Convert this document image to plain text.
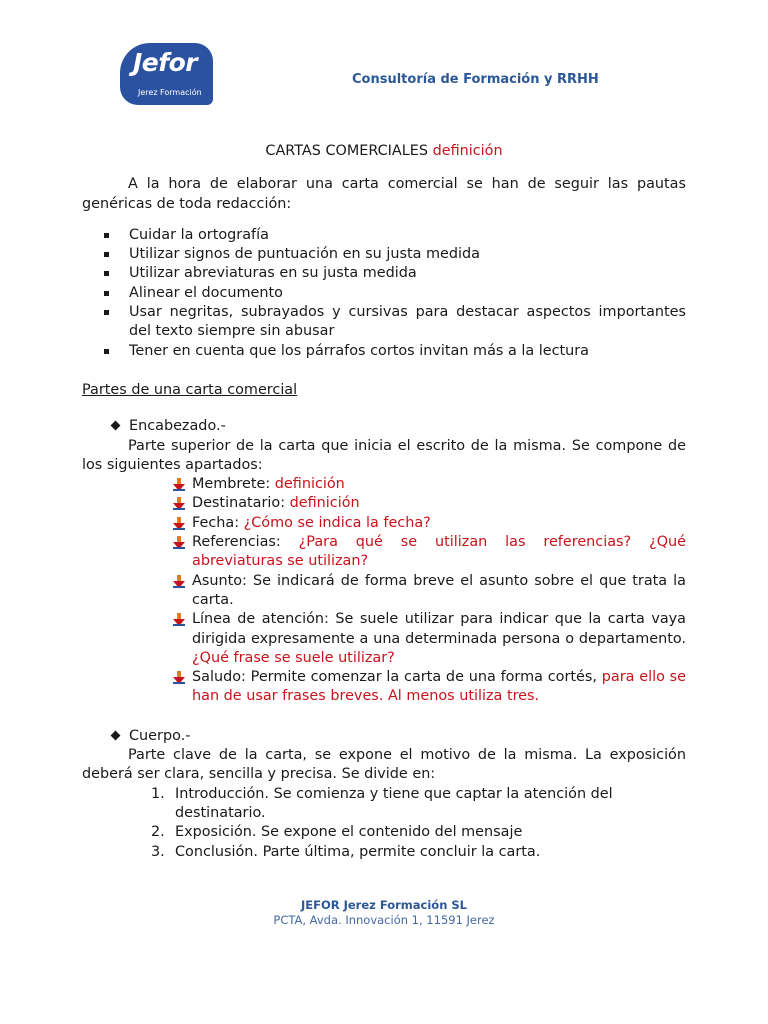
Jefor
Jerez Formación
Consultoría de Formación y RRHH
CARTAS COMERCIALES definición

A la hora de elaborar una carta comercial se han de seguir las pautas genéricas de toda redacción:

Cuidar la ortografía
Utilizar signos de puntuación en su justa medida
Utilizar abreviaturas en su justa medida
Alinear el documento
Usar negritas, subrayados y cursivas para destacar aspectos importantes del texto siempre sin abusar
Tener en cuenta que los párrafos cortos invitan más a la lectura

Partes de una carta comercial

Encabezado.-

Parte superior de la carta que inicia el escrito de la misma. Se compone de los siguientes apartados:

Membrete: definición
Destinatario: definición
Fecha: ¿Cómo se indica la fecha?
Referencias: ¿Para qué se utilizan las referencias? ¿Qué abreviaturas se utilizan?
Asunto: Se indicará de forma breve el asunto sobre el que trata la carta.
Línea de atención: Se suele utilizar para indicar que la carta vaya dirigida expresamente a una determinada persona o departamento. ¿Qué frase se suele utilizar?
Saludo: Permite comenzar la carta de una forma cortés, para ello se han de usar frases breves. Al menos utiliza tres.
Cuerpo.-

Parte clave de la carta, se expone el motivo de la misma. La exposición deberá ser clara, sencilla y precisa. Se divide en:

1. Introducción. Se comienza y tiene que captar la atención del destinatario.
2. Exposición. Se expone el contenido del mensaje
3. Conclusión. Parte última, permite concluir la carta.
JEFOR Jerez Formación SL
PCTA, Avda. Innovación 1, 11591 Jerez
